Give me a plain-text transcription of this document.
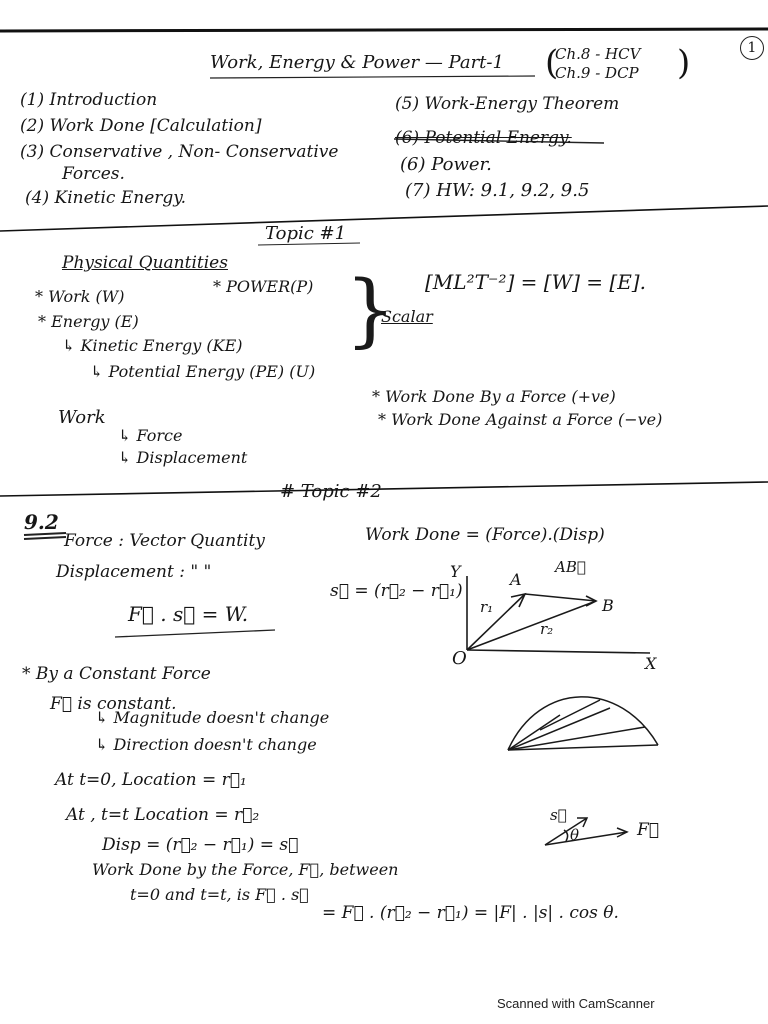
Work, Energy & Power — Part-1	Ch.8 - HCV
Ch.9 - DCP
(	)	1
(1) Introduction
(2) Work Done [Calculation]
(3) Conservative , Non- Conservative
Forces.
(4) Kinetic Energy.
(5) Work-Energy Theorem
(6) Potential Energy.
(6) Power.
(7) HW: 9.1, 9.2, 9.5
Topic #1
Physical Quantities
* Work (W)
* POWER(P)
* Energy (E)
↳ Kinetic Energy (KE)
↳ Potential Energy (PE) (U)
}
Scalar
[ML²T⁻²] = [W] = [E].
* Work Done By a Force (+ve)
* Work Done Against a Force (−ve)
Work
↳ Force
↳ Displacement
# Topic #2
9.2
Force : Vector Quantity
Displacement : " "
F⃗ . s⃗ = W.
Work Done = (Force).(Disp)
s⃗ = (r⃗₂ − r⃗₁)
Y
X
O
A
B
AB⃗
r₁
r₂
* By a Constant Force
F⃗ is constant.
↳ Magnitude doesn't change
↳ Direction doesn't change
At t=0, Location = r⃗₁
At , t=t Location = r⃗₂
Disp = (r⃗₂ − r⃗₁) = s⃗
Work Done by the Force, F⃗, between
t=0 and t=t, is F⃗ . s⃗
= F⃗ . (r⃗₂ − r⃗₁) = |F| . |s| . cos θ.
s⃗
θ	F⃗
Scanned with CamScanner
